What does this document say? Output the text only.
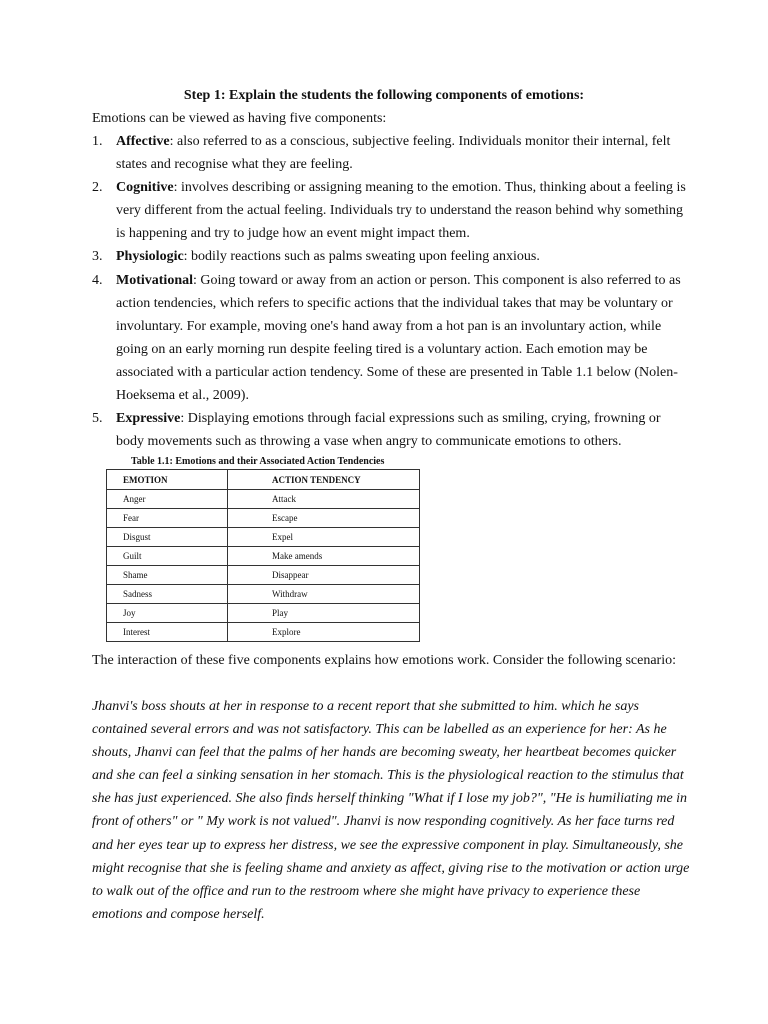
Step 1: Explain the students the following components of emotions:
Emotions can be viewed as having five components:
1. Affective: also referred to as a conscious, subjective feeling. Individuals monitor their internal, felt states and recognise what they are feeling.
2. Cognitive: involves describing or assigning meaning to the emotion. Thus, thinking about a feeling is very different from the actual feeling. Individuals try to understand the reason behind why something is happening and try to judge how an event might impact them.
3. Physiologic: bodily reactions such as palms sweating upon feeling anxious.
4. Motivational: Going toward or away from an action or person. This component is also referred to as action tendencies, which refers to specific actions that the individual takes that may be voluntary or involuntary. For example, moving one's hand away from a hot pan is an involuntary action, while going on an early morning run despite feeling tired is a voluntary action. Each emotion may be associated with a particular action tendency. Some of these are presented in Table 1.1 below (Nolen-Hoeksema et al., 2009).
5. Expressive: Displaying emotions through facial expressions such as smiling, crying, frowning or body movements such as throwing a vase when angry to communicate emotions to others.
Table 1.1: Emotions and their Associated Action Tendencies
EMOTION	ACTION TENDENCY
Anger	Attack
Fear	Escape
Disgust	Expel
Guilt	Make amends
Shame	Disappear
Sadness	Withdraw
Joy	Play
Interest	Explore

The interaction of these five components explains how emotions work. Consider the following scenario:

Jhanvi's boss shouts at her in response to a recent report that she submitted to him. which he says contained several errors and was not satisfactory. This can be labelled as an experience for her: As he shouts, Jhanvi can feel that the palms of her hands are becoming sweaty, her heartbeat becomes quicker and she can feel a sinking sensation in her stomach. This is the physiological reaction to the stimulus that she has just experienced. She also finds herself thinking "What if I lose my job?", "He is humiliating me in front of others" or " My work is not valued". Jhanvi is now responding cognitively. As her face turns red and her eyes tear up to express her distress, we see the expressive component in play. Simultaneously, she might recognise that she is feeling shame and anxiety as affect, giving rise to the motivation or action urge to walk out of the office and run to the restroom where she might have privacy to experience these emotions and compose herself.
